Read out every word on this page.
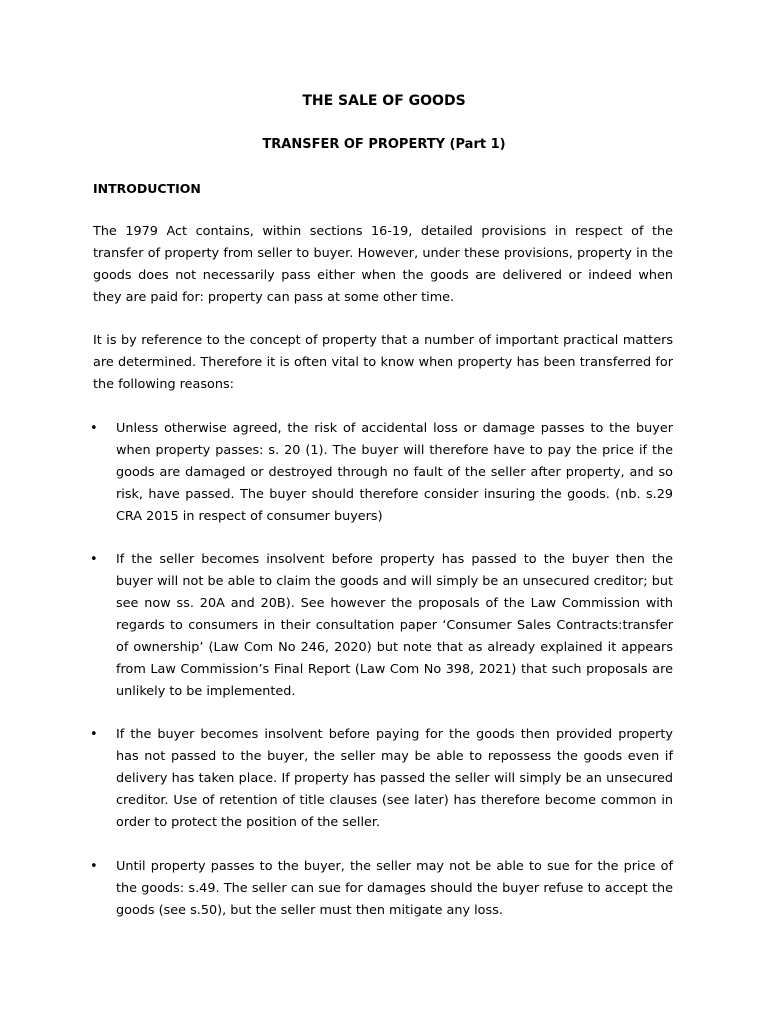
THE SALE OF GOODS
TRANSFER OF PROPERTY (Part 1)
INTRODUCTION

The 1979 Act contains, within sections 16-19, detailed provisions in respect of the transfer of property from seller to buyer. However, under these provisions, property in the goods does not necessarily pass either when the goods are delivered or indeed when they are paid for: property can pass at some other time.

It is by reference to the concept of property that a number of important practical matters are determined. Therefore it is often vital to know when property has been transferred for the following reasons:

• Unless otherwise agreed, the risk of accidental loss or damage passes to the buyer when property passes: s. 20 (1). The buyer will therefore have to pay the price if the goods are damaged or destroyed through no fault of the seller after property, and so risk, have passed. The buyer should therefore consider insuring the goods. (nb. s.29 CRA 2015 in respect of consumer buyers)

• If the seller becomes insolvent before property has passed to the buyer then the buyer will not be able to claim the goods and will simply be an unsecured creditor; but see now ss. 20A and 20B). See however the proposals of the Law Commission with regards to consumers in their consultation paper ‘Consumer Sales Contracts:transfer of ownership’ (Law Com No 246, 2020) but note that as already explained it appears from Law Commission’s Final Report (Law Com No 398, 2021) that such proposals are unlikely to be implemented.

• If the buyer becomes insolvent before paying for the goods then provided property has not passed to the buyer, the seller may be able to repossess the goods even if delivery has taken place. If property has passed the seller will simply be an unsecured creditor. Use of retention of title clauses (see later) has therefore become common in order to protect the position of the seller.

• Until property passes to the buyer, the seller may not be able to sue for the price of the goods: s.49. The seller can sue for damages should the buyer refuse to accept the goods (see s.50), but the seller must then mitigate any loss.
